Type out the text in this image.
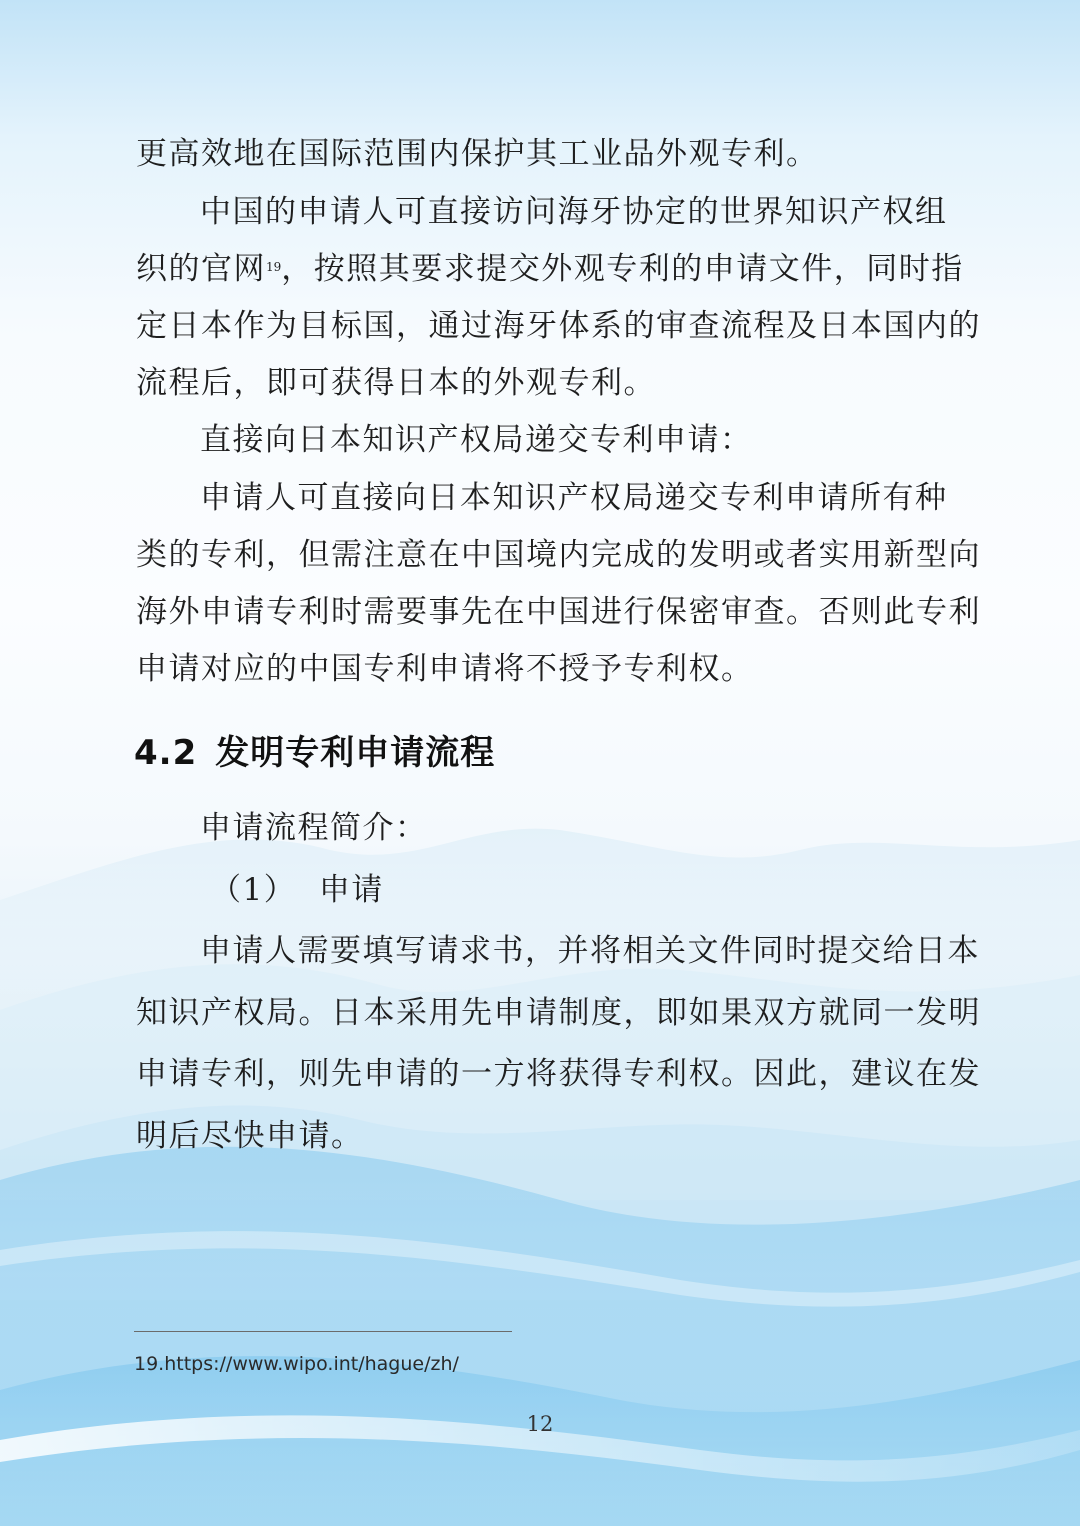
更高效地在国际范围内保护其工业品外观专利。

中国的申请人可直接访问海牙协定的世界知识产权组

织的官网$^{19}$，按照其要求提交外观专利的申请文件，同时指

定日本作为目标国，通过海牙体系的审查流程及日本国内的

流程后，即可获得日本的外观专利。

直接向日本知识产权局递交专利申请：

申请人可直接向日本知识产权局递交专利申请所有种

类的专利，但需注意在中国境内完成的发明或者实用新型向

海外申请专利时需要事先在中国进行保密审查。否则此专利

申请对应的中国专利申请将不授予专利权。

4.2 发明专利申请流程

申请流程简介：

（1）  申请

申请人需要填写请求书，并将相关文件同时提交给日本

知识产权局。日本采用先申请制度，即如果双方就同一发明

申请专利，则先申请的一方将获得专利权。因此，建议在发

明后尽快申请。

19.https://www.wipo.int/hague/zh/
12
